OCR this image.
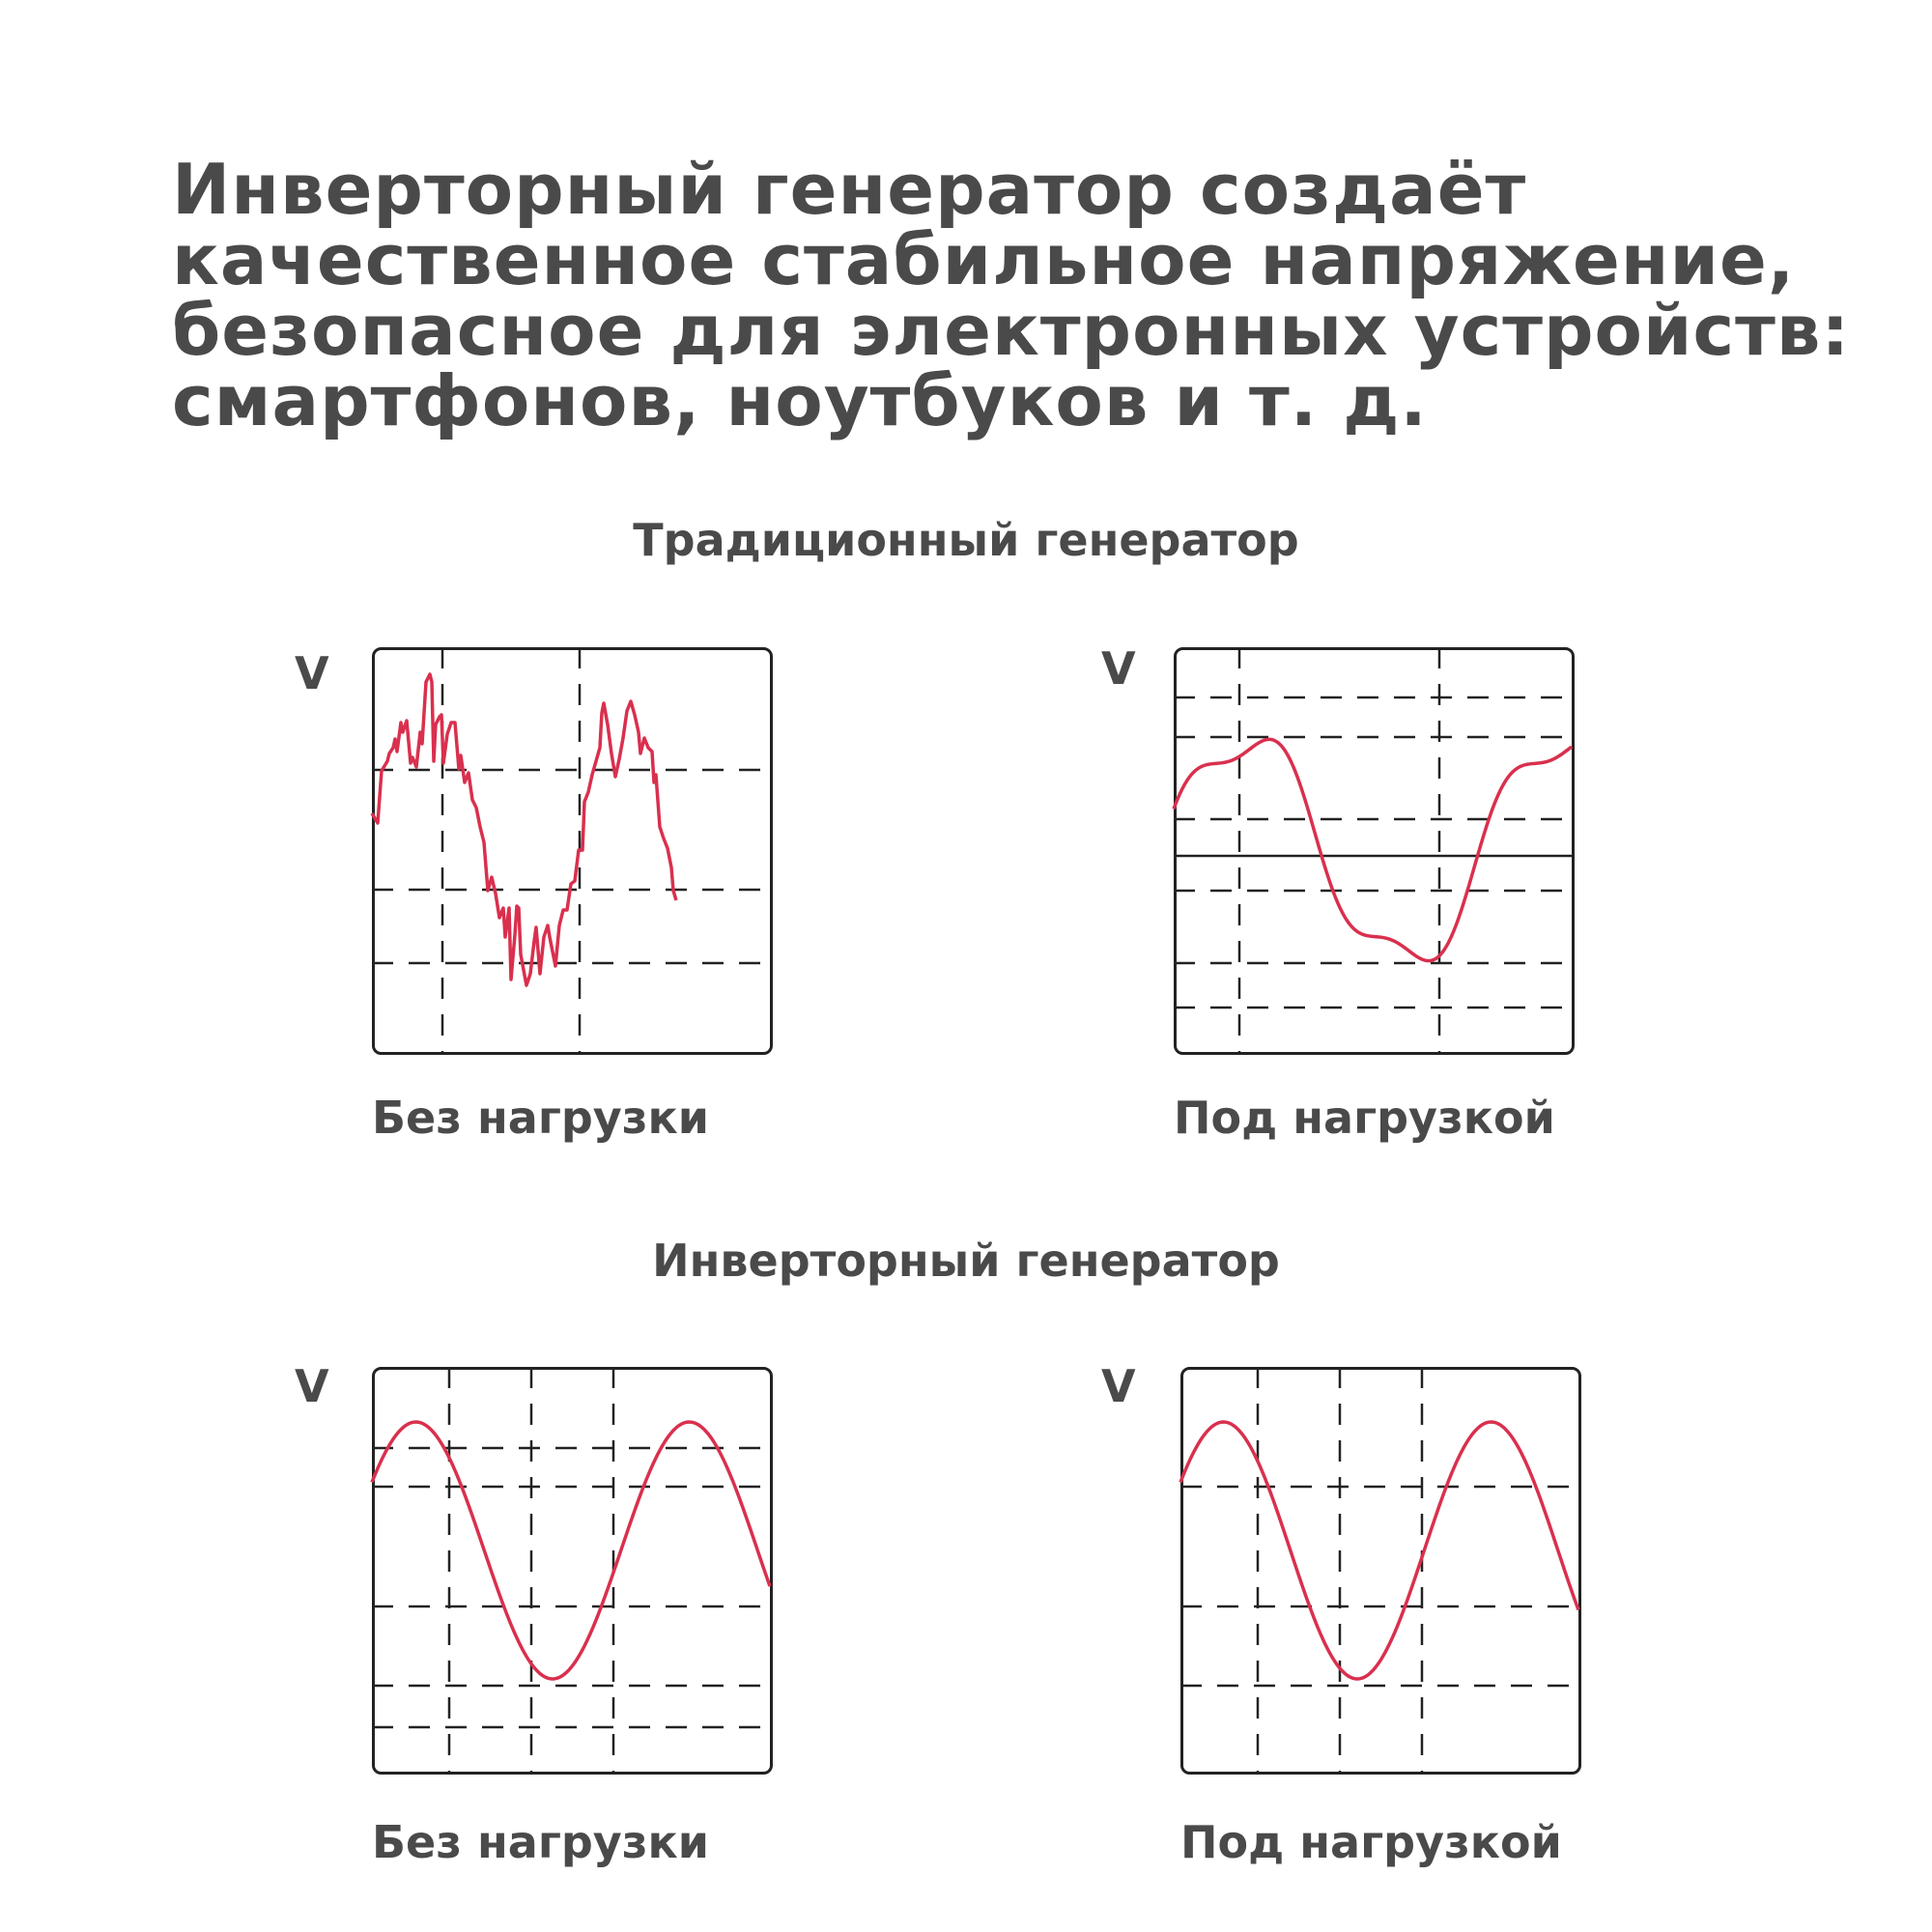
Инверторный генератор создаёт
качественное стабильное напряжение,
безопасное для электронных устройств:
смартфонов, ноутбуков и т. д.
Традиционный генератор
V	V
Без нагрузки	Под нагрузкой
Инверторный генератор
V	V
Без нагрузки	Под нагрузкой
